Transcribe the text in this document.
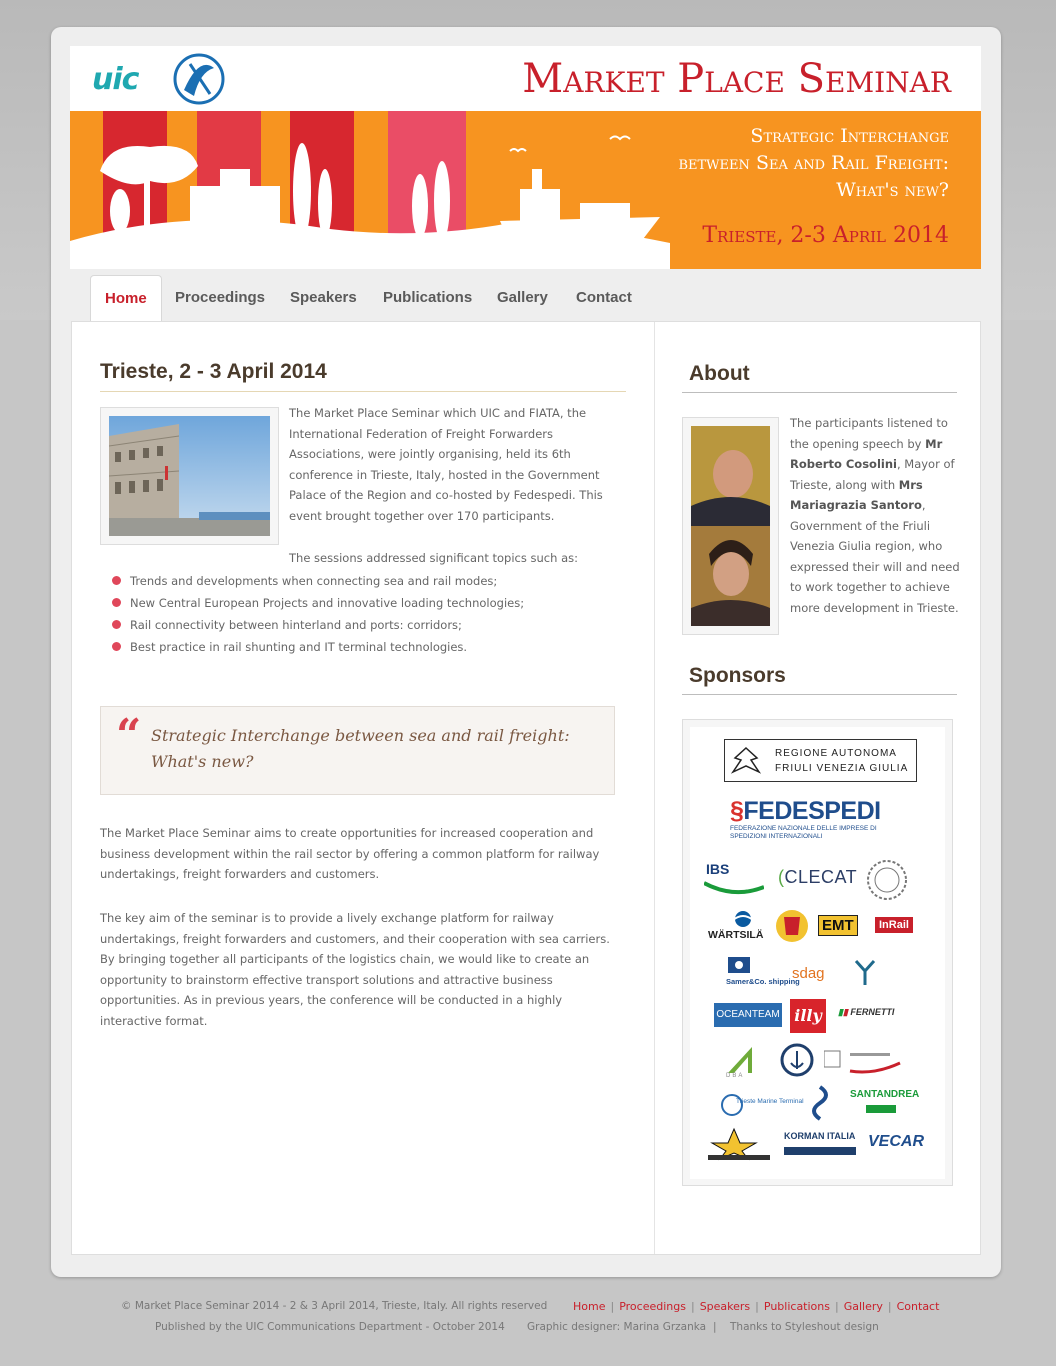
uic	Market Place Seminar
Strategic Interchange
between Sea and Rail Freight:
What's new?
Trieste, 2-3 April 2014
Home	Proceedings Speakers Publications Gallery Contact
Trieste, 2 - 3 April 2014

The Market Place Seminar which UIC and FIATA, the International Federation of Freight Forwarders Associations, were jointly organising, held its 6th conference in Trieste, Italy, hosted in the Government Palace of the Region and co-hosted by Fedespedi. This event brought together over 170 participants.

The sessions addressed significant topics such as:

Trends and developments when connecting sea and rail modes;
New Central European Projects and innovative loading technologies;
Rail connectivity between hinterland and ports: corridors;
Best practice in rail shunting and IT terminal technologies.
“ Strategic Interchange between sea and rail freight: What's new?

The Market Place Seminar aims to create opportunities for increased cooperation and business development within the rail sector by offering a common platform for railway undertakings, freight forwarders and customers.

The key aim of the seminar is to provide a lively exchange platform for railway undertakings, freight forwarders and customers, and their cooperation with sea carriers. By bringing together all participants of the logistics chain, we would like to create an opportunity to brainstorm effective transport solutions and attractive business opportunities. As in previous years, the conference will be conducted in a highly interactive format.

About

The participants listened to the opening speech by Mr Roberto Cosolini, Mayor of Trieste, along with Mrs Mariagrazia Santoro, Government of the Friuli Venezia Giulia region, who expressed their will and need to work together to achieve more development in Trieste.

Sponsors
REGIONE AUTONOMA FRIULI VENEZIA GIULIA
§FEDESPEDI
FEDERAZIONE NAZIONALE DELLE IMPRESE DI SPEDIZIONI INTERNAZIONALI
IBS	(CLECAT
WÄRTSILÄ
EMT	InRail
Samer&Co. shipping
sdag
OCEANTEAM illy	▮▮ FERNETTI
DBA
Trieste Marine Terminal
SANTANDREA
KORMAN ITALIA VECAR
© Market Place Seminar 2014 - 2 & 3 April 2014, Trieste, Italy. All rights reserved Home | Proceedings | Speakers | Publications | Gallery | Contact
Published by the UIC Communications Department - October 2014 Graphic designer: Marina Grzanka | Thanks to Styleshout design
